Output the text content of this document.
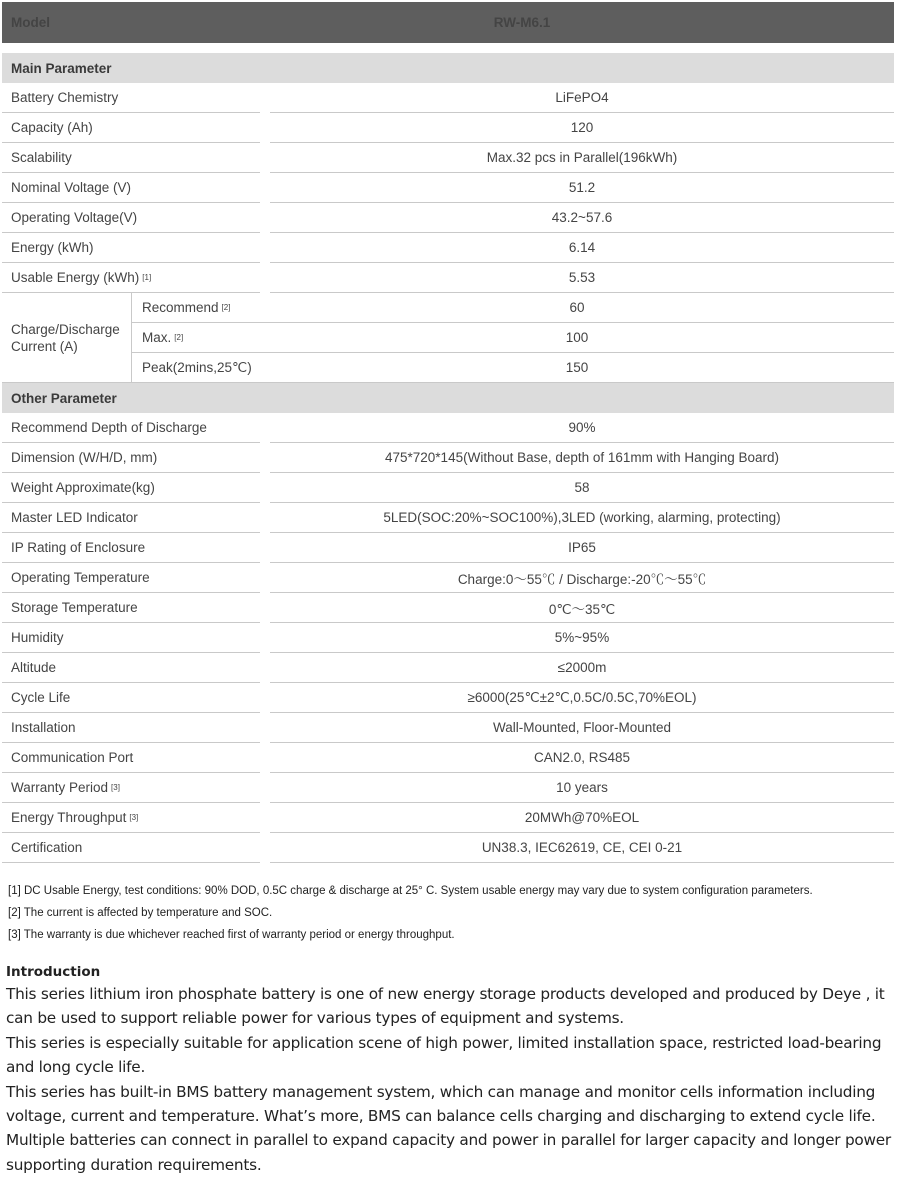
Model	RW-M6.1
Main Parameter
Battery Chemistry	LiFePO4
Capacity (Ah)	120
Scalability	Max.32 pcs in Parallel(196kWh)
Nominal Voltage (V)	51.2
Operating Voltage(V)	43.2~57.6
Energy (kWh)	6.14
Usable Energy (kWh) [1]	5.53
Charge/Discharge
Current (A)
Recommend [2]	60
Max. [2]	100
Peak(2mins,25℃)	150
Other Parameter
Recommend Depth of Discharge	90%
Dimension (W/H/D, mm)	475*720*145(Without Base, depth of 161mm with Hanging Board)
Weight Approximate(kg)	58
Master LED Indicator	5LED(SOC:20%~SOC100%),3LED (working, alarming, protecting)
IP Rating of Enclosure	IP65
Operating Temperature	Charge:0～55℃ / Discharge:-20℃～55℃
Storage Temperature	0℃～35℃
Humidity	5%~95%
Altitude	≤2000m
Cycle Life	≥6000(25℃±2℃,0.5C/0.5C,70%EOL)
Installation	Wall-Mounted, Floor-Mounted
Communication Port	CAN2.0, RS485
Warranty Period [3]	10 years
Energy Throughput [3]	20MWh@70%EOL
Certification	UN38.3, IEC62619, CE, CEI 0-21
[1] DC Usable Energy, test conditions: 90% DOD, 0.5C charge & discharge at 25° C. System usable energy may vary due to system configuration parameters.
[2] The current is affected by temperature and SOC.
[3] The warranty is due whichever reached first of warranty period or energy throughput.
Introduction

This series lithium iron phosphate battery is one of new energy storage products developed and produced by Deye , it can be used to support reliable power for various types of equipment and systems.

This series is especially suitable for application scene of high power, limited installation space, restricted load-bearing and long cycle life.

This series has built-in BMS battery management system, which can manage and monitor cells information including voltage, current and temperature. What’s more, BMS can balance cells charging and discharging to extend cycle life.

Multiple batteries can connect in parallel to expand capacity and power in parallel for larger capacity and longer power supporting duration requirements.
